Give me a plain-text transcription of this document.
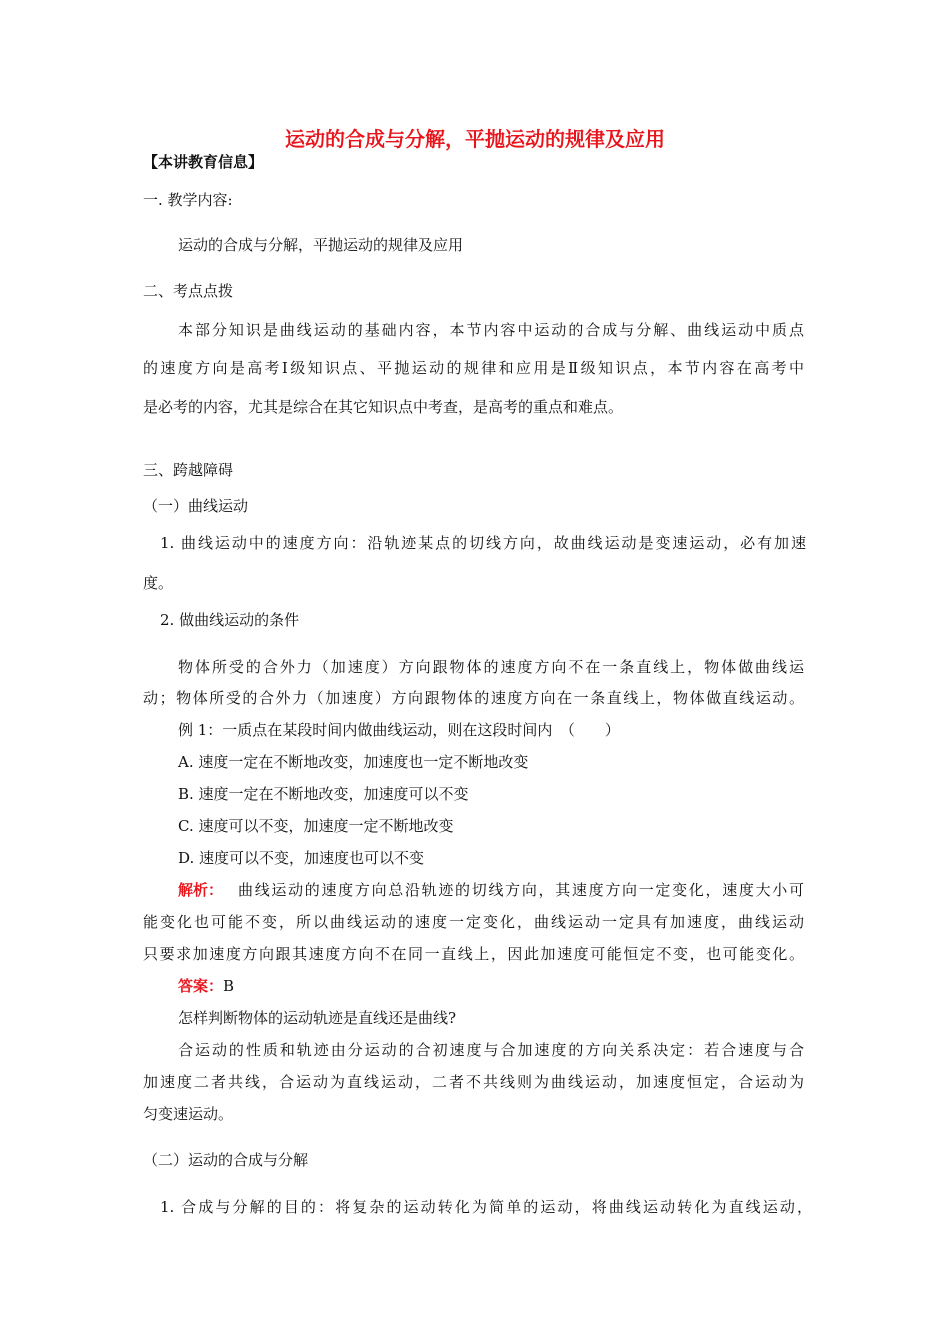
运动的合成与分解，平抛运动的规律及应用
【本讲教育信息】
一. 教学内容:
运动的合成与分解，平抛运动的规律及应用
二、考点点拨
本部分知识是曲线运动的基础内容，本节内容中运动的合成与分解、曲线运动中质点
的速度方向是高考Ⅰ级知识点、平抛运动的规律和应用是Ⅱ级知识点，本节内容在高考中
是必考的内容，尤其是综合在其它知识点中考查，是高考的重点和难点。
三、跨越障碍
（一）曲线运动
1. 曲线运动中的速度方向：沿轨迹某点的切线方向，故曲线运动是变速运动，必有加速
度。
2. 做曲线运动的条件
物体所受的合外力（加速度）方向跟物体的速度方向不在一条直线上，物体做曲线运
动；物体所受的合外力（加速度）方向跟物体的速度方向在一条直线上，物体做直线运动。
例 1：一质点在某段时间内做曲线运动，则在这段时间内　（　　）
A. 速度一定在不断地改变，加速度也一定不断地改变
B. 速度一定在不断地改变，加速度可以不变
C. 速度可以不变，加速度一定不断地改变
D. 速度可以不变，加速度也可以不变
解析： 曲线运动的速度方向总沿轨迹的切线方向，其速度方向一定变化，速度大小可
能变化也可能不变，所以曲线运动的速度一定变化，曲线运动一定具有加速度，曲线运动
只要求加速度方向跟其速度方向不在同一直线上，因此加速度可能恒定不变，也可能变化。
答案：B
怎样判断物体的运动轨迹是直线还是曲线?
合运动的性质和轨迹由分运动的合初速度与合加速度的方向关系决定：若合速度与合
加速度二者共线，合运动为直线运动，二者不共线则为曲线运动，加速度恒定，合运动为
匀变速运动。
（二）运动的合成与分解
1. 合成与分解的目的：将复杂的运动转化为简单的运动，将曲线运动转化为直线运动，
